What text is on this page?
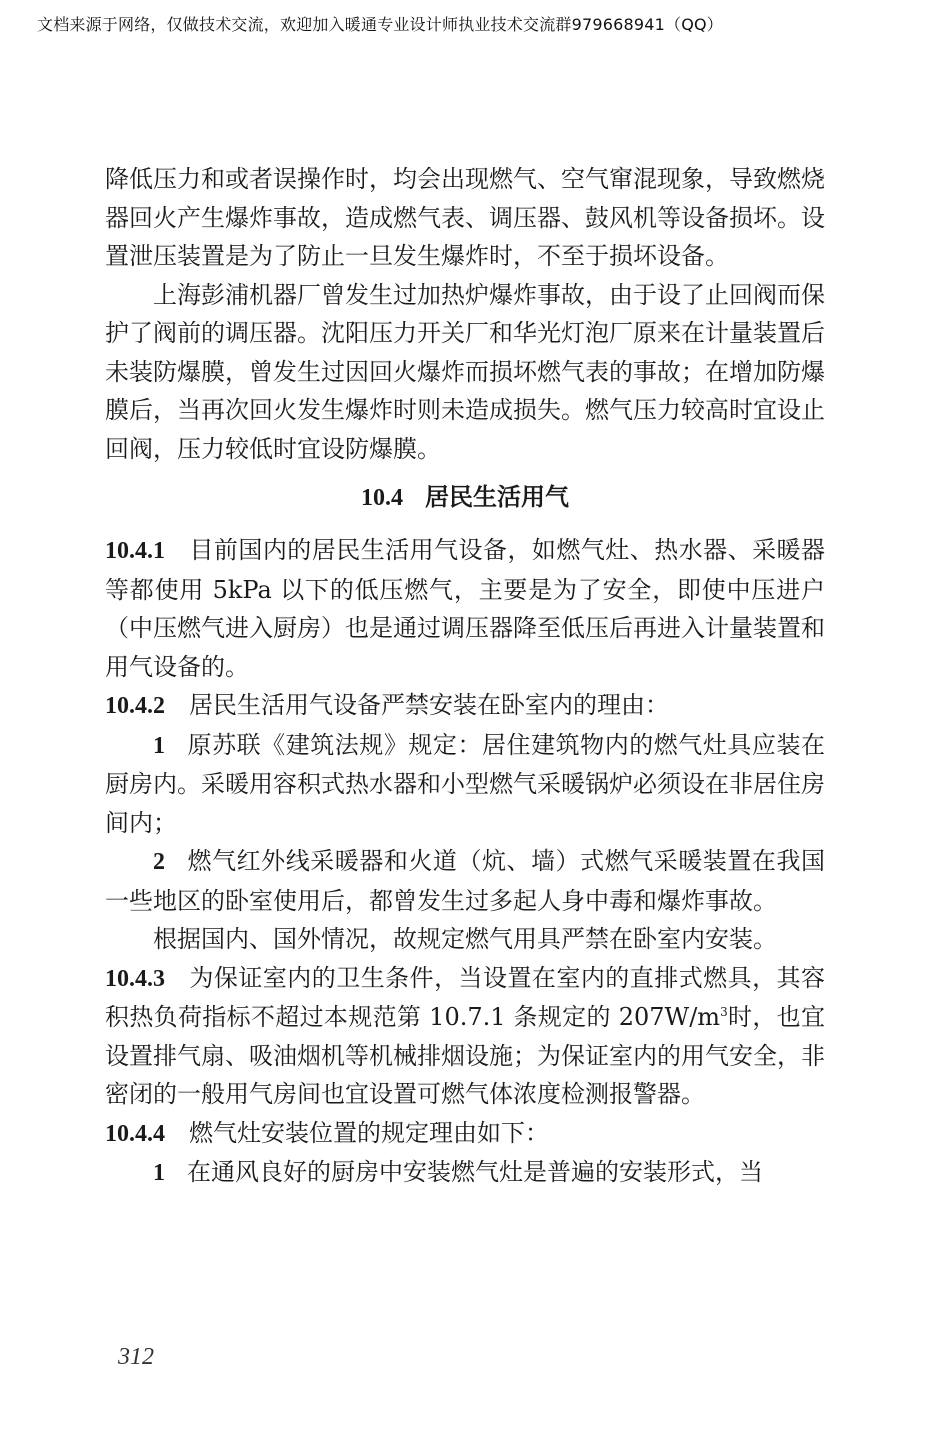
文档来源于网络，仅做技术交流，欢迎加入暖通专业设计师执业技术交流群979668941（QQ）

降低压力和或者误操作时，均会出现燃气、空气窜混现象，导致燃烧器回火产生爆炸事故，造成燃气表、调压器、鼓风机等设备损坏。设置泄压装置是为了防止一旦发生爆炸时，不至于损坏设备。

上海彭浦机器厂曾发生过加热炉爆炸事故，由于设了止回阀而保护了阀前的调压器。沈阳压力开关厂和华光灯泡厂原来在计量装置后未装防爆膜，曾发生过因回火爆炸而损坏燃气表的事故；在增加防爆膜后，当再次回火发生爆炸时则未造成损失。燃气压力较高时宜设止回阀，压力较低时宜设防爆膜。

10.4 居民生活用气

10.4.1 目前国内的居民生活用气设备，如燃气灶、热水器、采暖器等都使用 5kPa 以下的低压燃气，主要是为了安全，即使中压进户（中压燃气进入厨房）也是通过调压器降至低压后再进入计量装置和用气设备的。

10.4.2 居民生活用气设备严禁安装在卧室内的理由：

1 原苏联《建筑法规》规定：居住建筑物内的燃气灶具应装在厨房内。采暖用容积式热水器和小型燃气采暖锅炉必须设在非居住房间内；

2 燃气红外线采暖器和火道（炕、墙）式燃气采暖装置在我国一些地区的卧室使用后，都曾发生过多起人身中毒和爆炸事故。

根据国内、国外情况，故规定燃气用具严禁在卧室内安装。

10.4.3 为保证室内的卫生条件，当设置在室内的直排式燃具，其容积热负荷指标不超过本规范第 10.7.1 条规定的 $207W/m^3$时，也宜设置排气扇、吸油烟机等机械排烟设施；为保证室内的用气安全，非密闭的一般用气房间也宜设置可燃气体浓度检测报警器。

10.4.4 燃气灶安装位置的规定理由如下：

1 在通风良好的厨房中安装燃气灶是普遍的安装形式，当

312
